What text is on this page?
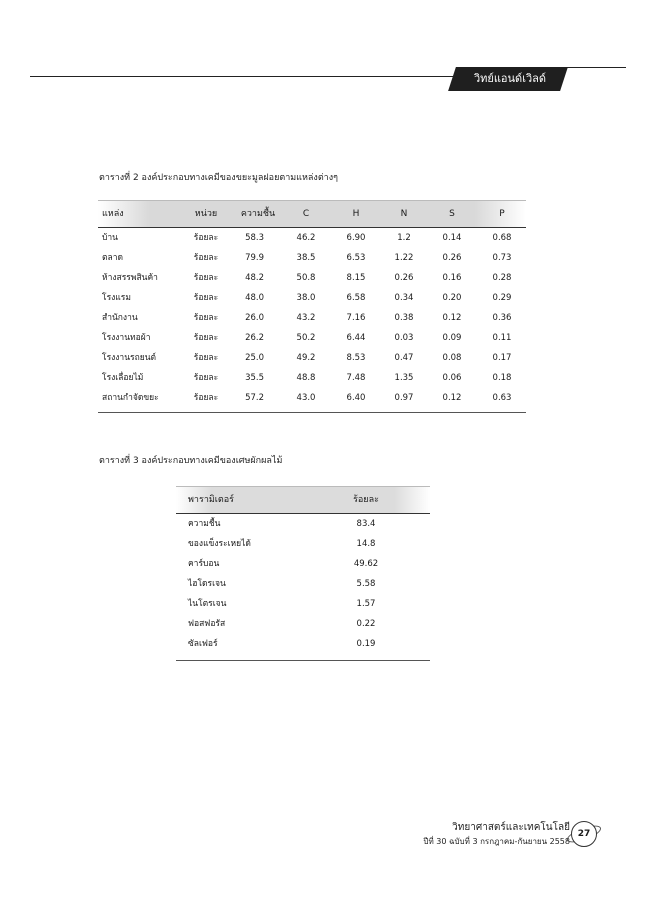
วิทย์แอนด์เวิลด์
ตารางที่ 2 องค์ประกอบทางเคมีของขยะมูลฝอยตามแหล่งต่างๆ
แหล่ง	หน่วย	ความชื้น	C	H	N	S	P
บ้าน	ร้อยละ	58.3	46.2	6.90	1.2	0.14	0.68
ตลาด	ร้อยละ	79.9	38.5	6.53	1.22	0.26	0.73
ห้างสรรพสินค้า	ร้อยละ	48.2	50.8	8.15	0.26	0.16	0.28
โรงแรม	ร้อยละ	48.0	38.0	6.58	0.34	0.20	0.29
สำนักงาน	ร้อยละ	26.0	43.2	7.16	0.38	0.12	0.36
โรงงานทอผ้า	ร้อยละ	26.2	50.2	6.44	0.03	0.09	0.11
โรงงานรถยนต์	ร้อยละ	25.0	49.2	8.53	0.47	0.08	0.17
โรงเลื่อยไม้	ร้อยละ	35.5	48.8	7.48	1.35	0.06	0.18
สถานกำจัดขยะ	ร้อยละ	57.2	43.0	6.40	0.97	0.12	0.63
ตารางที่ 3 องค์ประกอบทางเคมีของเศษผักผลไม้
พารามิเตอร์	ร้อยละ
ความชื้น	83.4
ของแข็งระเหยได้	14.8
คาร์บอน	49.62
ไฮโดรเจน	5.58
ไนโตรเจน	1.57
ฟอสฟอรัส	0.22
ซัลเฟอร์	0.19
วิทยาศาสตร์และเทคโนโลยี
ปีที่ 30 ฉบับที่ 3 กรกฎาคม-กันยายน 2558
27
